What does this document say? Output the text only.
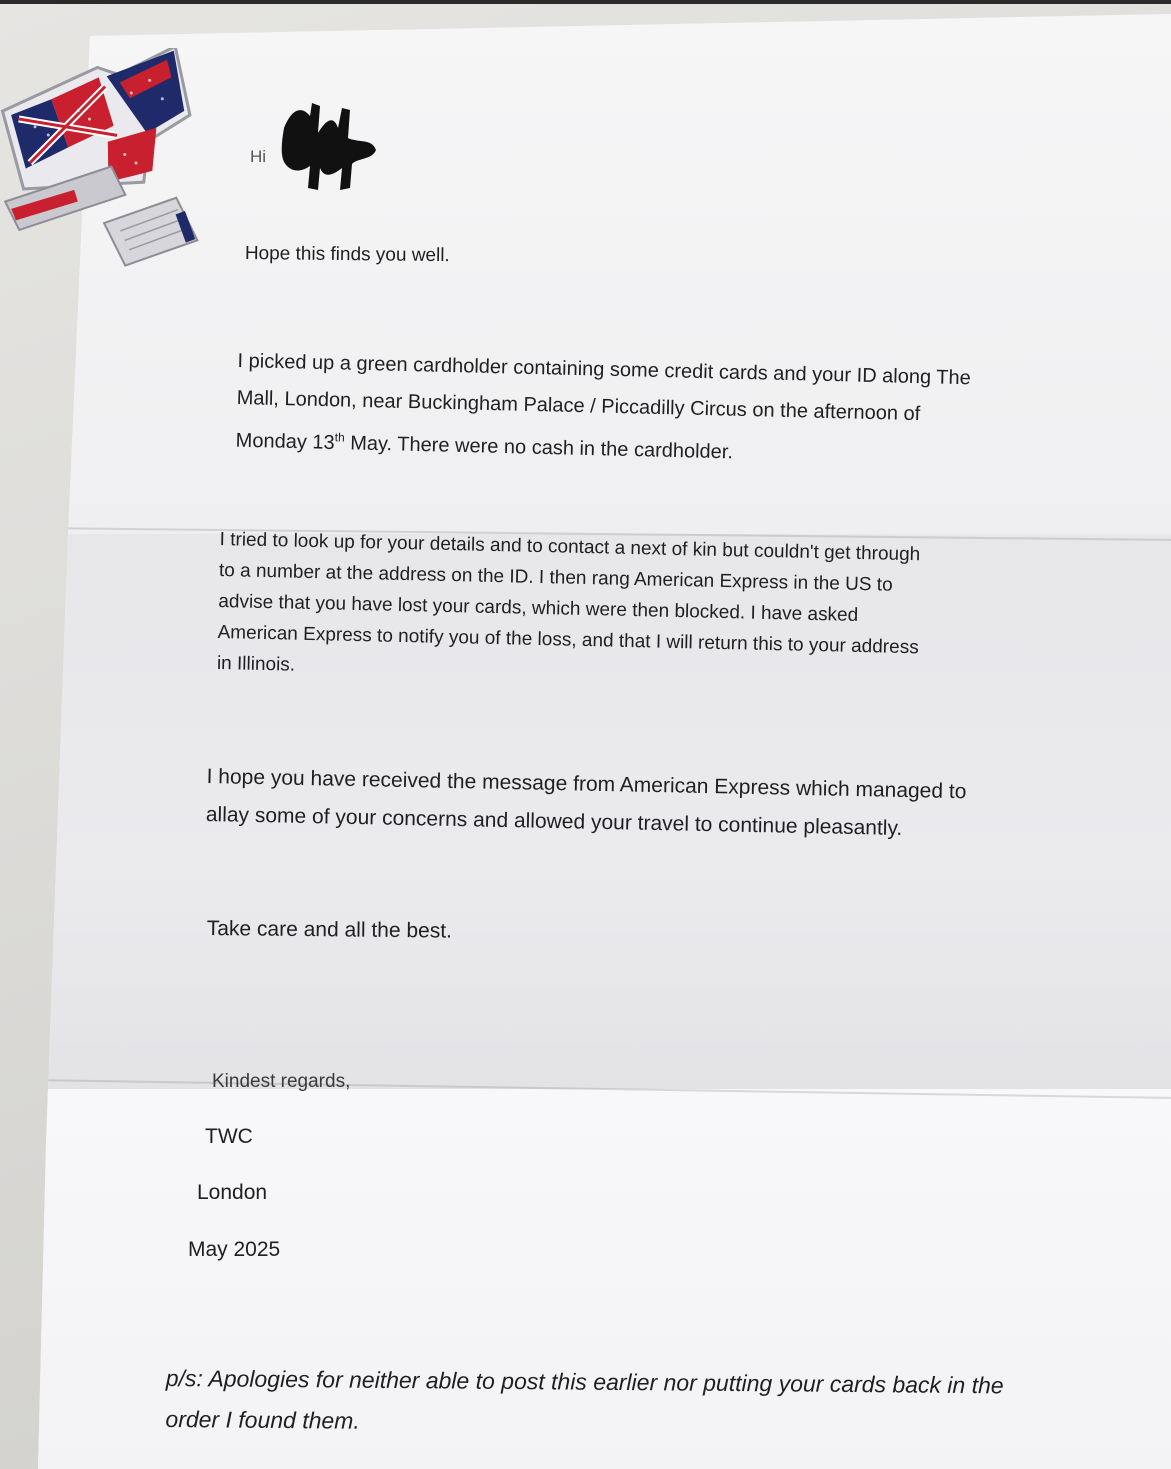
Hi

Hope this finds you well.

I picked up a green cardholder containing some credit cards and your ID along The
Mall, London, near Buckingham Palace / Piccadilly Circus on the afternoon of
Monday 13th May. There were no cash in the cardholder.

I tried to look up for your details and to contact a next of kin but couldn't get through
to a number at the address on the ID. I then rang American Express in the US to
advise that you have lost your cards, which were then blocked. I have asked
American Express to notify you of the loss, and that I will return this to your address
in Illinois.

I hope you have received the message from American Express which managed to
allay some of your concerns and allowed your travel to continue pleasantly.

Take care and all the best.

Kindest regards,

TWC

London

May 2025

p/s: Apologies for neither able to post this earlier nor putting your cards back in the
order I found them.
